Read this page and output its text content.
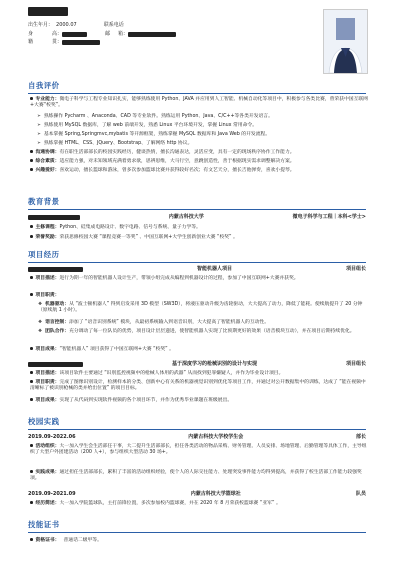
出生年月： 2000.07	联系电话
身	高：	邮 箱：
籍	贯：
自我评价
专业能力：微电子科学与工程专业知识扎实，能够熟练使用 Python、JAVA 并应用到人工智能、机械自动化等项目中，积极参与各类比赛，曾荣获中国互联网+大赛“校奖”。
➢ 熟练操作 Pycharm 、Anaconda、CAD 等专业软件。熟练运用 Python、Java、C/C++等各类开发语言。
➢ 熟练使用 MySQL 数据库，了解 web 前端开发，熟悉 Linux 平台环境开发，掌握 Linux 常用命令。
➢ 基本掌握 Spring,Springmvc,mybatis 等开源框架，熟练掌握 MySQL 数据库和 Java Web 的开发流程。
➢ 熟练掌握 HTML、CSS、JQuery、Bootstrap、了解网络 http 协议。
沟通协调：有在职生活部部长的校园实践经历，健谈热情，擅长沟通表达，灵活应变，具有一定的现场秩序协作工作能力。
综合素质：适应能力强，对未知领域充满着勇求欲，思辨思维，大马行空，意跳创造性，善于根据现实需求调整解决方案。
兴趣爱好：喜欢运动，擅长篮球和游泳，曾多次参加篮球比赛并获得较好名次；有文艺天分，擅长吉他弹奏，喜欢小提琴。
教育背景
内蒙古科技大学	微电子科学与工程｜本科<学士>
主修课程：Python、硅集成电路设计、数字电路、信号与系统、量子力学等。
荣誉奖励：荣获思修校园大赛 “课程竞赛一等奖” 、中国互联网+大学生创新创业大赛 “校奖” 。
项目经历
智能机器人项目	项目组长
项目描述：进行为期一年的智能机器人设计生产，带领小组完成从编程到机器设计的过程，参加了中国互联网+大赛并获奖。
项目职责：
❖ 机器驱动：从 “波士顿机器人” 得到启发采用 3D 模型（SW3D），将液压驱动升级为齿轮驱动，大大提高了动力，降低了能耗。使续航提升了 20 分钟（原续航 1 小时）。
❖ 语言控制：添加了 “语音识别系统” 模块，从最初系统输入到语音识别，大大提高了智能机器人的互动性。
❖ 团队合作：充分调动了每一位队员的优势，项目设计层层递进，使智能机器人实现了比预期更好的效果（语音模块互动），并在项目后期持续优化。
项目成果：“智能机器人” 项目获得了中国互联网+大赛 “校奖” 。
基于深度学习的枪械识别的设计与实现	项目组长
项目描述：该项目软件主要通过 “识别监控视频中的枪械人体用的武器” 从而找到犯罪嫌疑人，并作为毕业设计项目。
项目职责：完成了图像识别设计，检测样本的分类、创新中心有关系的机器视觉识别到优化等项目工作，并通过对公开数据集中的训练，达成了 “能在视频中清晰标了被识别枪械的类并给出位置” 的项目目标。
项目成果：实现了从代码到实现软件视频的各个项目环节，并作为优秀毕业课题在班级展出。
校园实践
2019.09-2022.06	内蒙古科技大学校学生会	部长
活动组织：大一加入学生会生活部任干事，大二提升生活部部长，担任各类活动的物品采购、财务管理、人员安排、场地管理、后勤管理等具体工作，主导组织了大型户外团建活动（200 人+），参与组织大型活动 30 场+。
实践成果：通过担任生活部部长，累积了丰富的活动组织经验，使个人的人际交往能力、处理突发事件能力均得到提高，并获得了校生活部工作能力较强奖项。
2019.09-2021.09	内蒙古科技大学篮球社	队员
经历简述：大一加入学院篮球队，主打前锋位置，多次参加校内篮球赛，并在 2020 年 8 月荣获校篮球赛 “亚军” 。
技能证书
资格证书： 普通话二级甲等。
